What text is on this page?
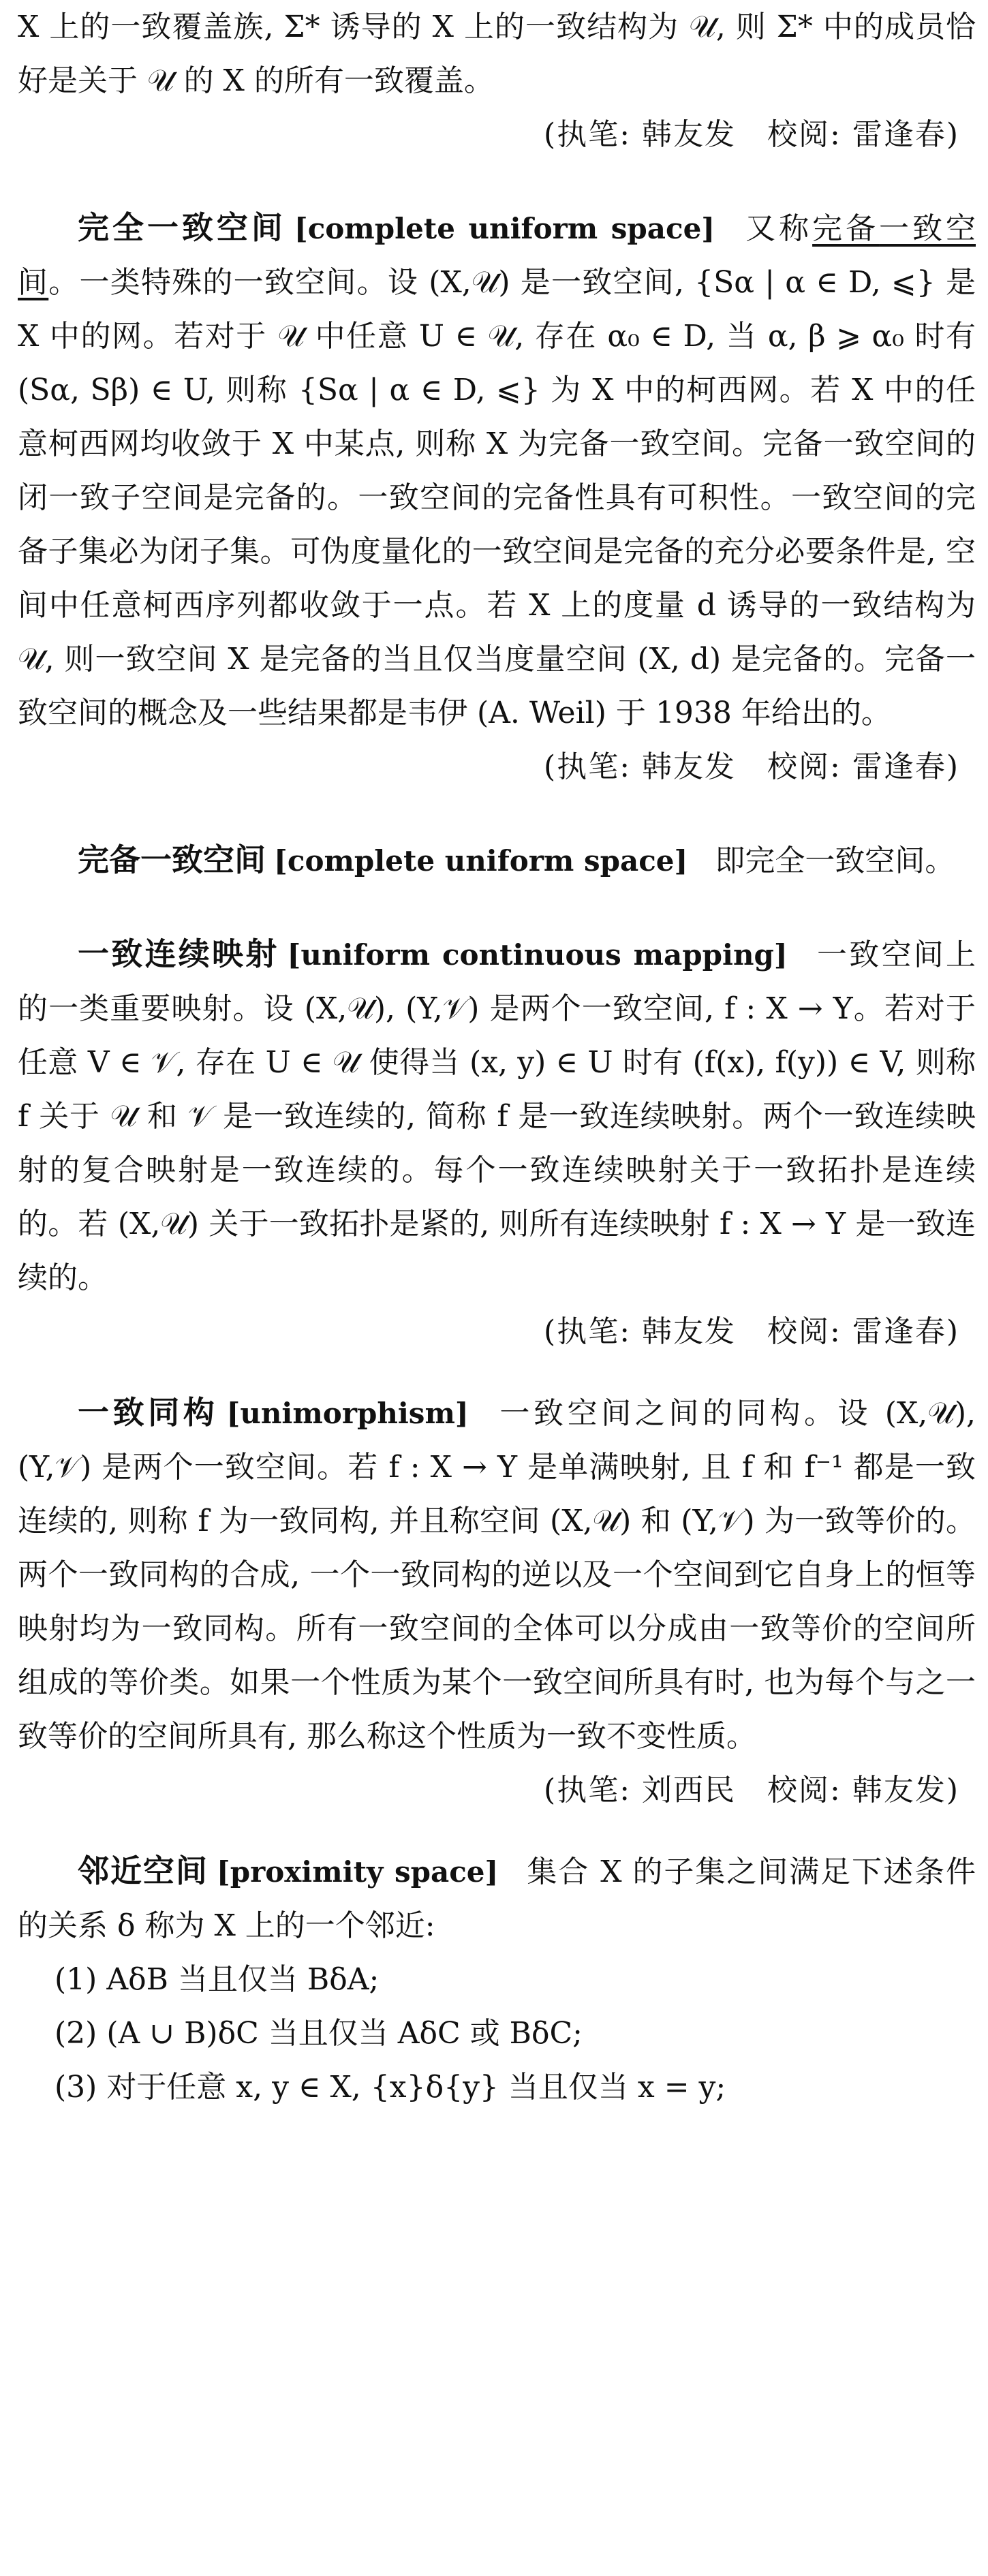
X 上的一致覆盖族, Σ* 诱导的 X 上的一致结构为 𝒰, 则 Σ* 中的成员恰好是关于 𝒰 的 X 的所有一致覆盖。

(执笔: 韩友发　校阅: 雷逢春)

完全一致空间 [complete uniform space] 又称完备一致空间。一类特殊的一致空间。设 (X,𝒰) 是一致空间, {Sα | α ∈ D, ⩽} 是 X 中的网。若对于 𝒰 中任意 U ∈ 𝒰, 存在 α₀ ∈ D, 当 α, β ⩾ α₀ 时有 (Sα, Sβ) ∈ U, 则称 {Sα | α ∈ D, ⩽} 为 X 中的柯西网。若 X 中的任意柯西网均收敛于 X 中某点, 则称 X 为完备一致空间。完备一致空间的闭一致子空间是完备的。一致空间的完备性具有可积性。一致空间的完备子集必为闭子集。可伪度量化的一致空间是完备的充分必要条件是, 空间中任意柯西序列都收敛于一点。若 X 上的度量 d 诱导的一致结构为 𝒰, 则一致空间 X 是完备的当且仅当度量空间 (X, d) 是完备的。完备一致空间的概念及一些结果都是韦伊 (A. Weil) 于 1938 年给出的。

(执笔: 韩友发　校阅: 雷逢春)

完备一致空间 [complete uniform space] 即完全一致空间。

一致连续映射 [uniform continuous mapping] 一致空间上的一类重要映射。设 (X,𝒰), (Y,𝒱) 是两个一致空间, f : X → Y。若对于任意 V ∈ 𝒱, 存在 U ∈ 𝒰 使得当 (x, y) ∈ U 时有 (f(x), f(y)) ∈ V, 则称 f 关于 𝒰 和 𝒱 是一致连续的, 简称 f 是一致连续映射。两个一致连续映射的复合映射是一致连续的。每个一致连续映射关于一致拓扑是连续的。若 (X,𝒰) 关于一致拓扑是紧的, 则所有连续映射 f : X → Y 是一致连续的。

(执笔: 韩友发　校阅: 雷逢春)

一致同构 [unimorphism] 一致空间之间的同构。设 (X,𝒰), (Y,𝒱) 是两个一致空间。若 f : X → Y 是单满映射, 且 f 和 f⁻¹ 都是一致连续的, 则称 f 为一致同构, 并且称空间 (X,𝒰) 和 (Y,𝒱) 为一致等价的。两个一致同构的合成, 一个一致同构的逆以及一个空间到它自身上的恒等映射均为一致同构。所有一致空间的全体可以分成由一致等价的空间所组成的等价类。如果一个性质为某个一致空间所具有时, 也为每个与之一致等价的空间所具有, 那么称这个性质为一致不变性质。

(执笔: 刘西民　校阅: 韩友发)

邻近空间 [proximity space] 集合 X 的子集之间满足下述条件的关系 δ 称为 X 上的一个邻近:

(1) AδB 当且仅当 BδA;

(2) (A ∪ B)δC 当且仅当 AδC 或 BδC;

(3) 对于任意 x, y ∈ X, {x}δ{y} 当且仅当 x = y;
